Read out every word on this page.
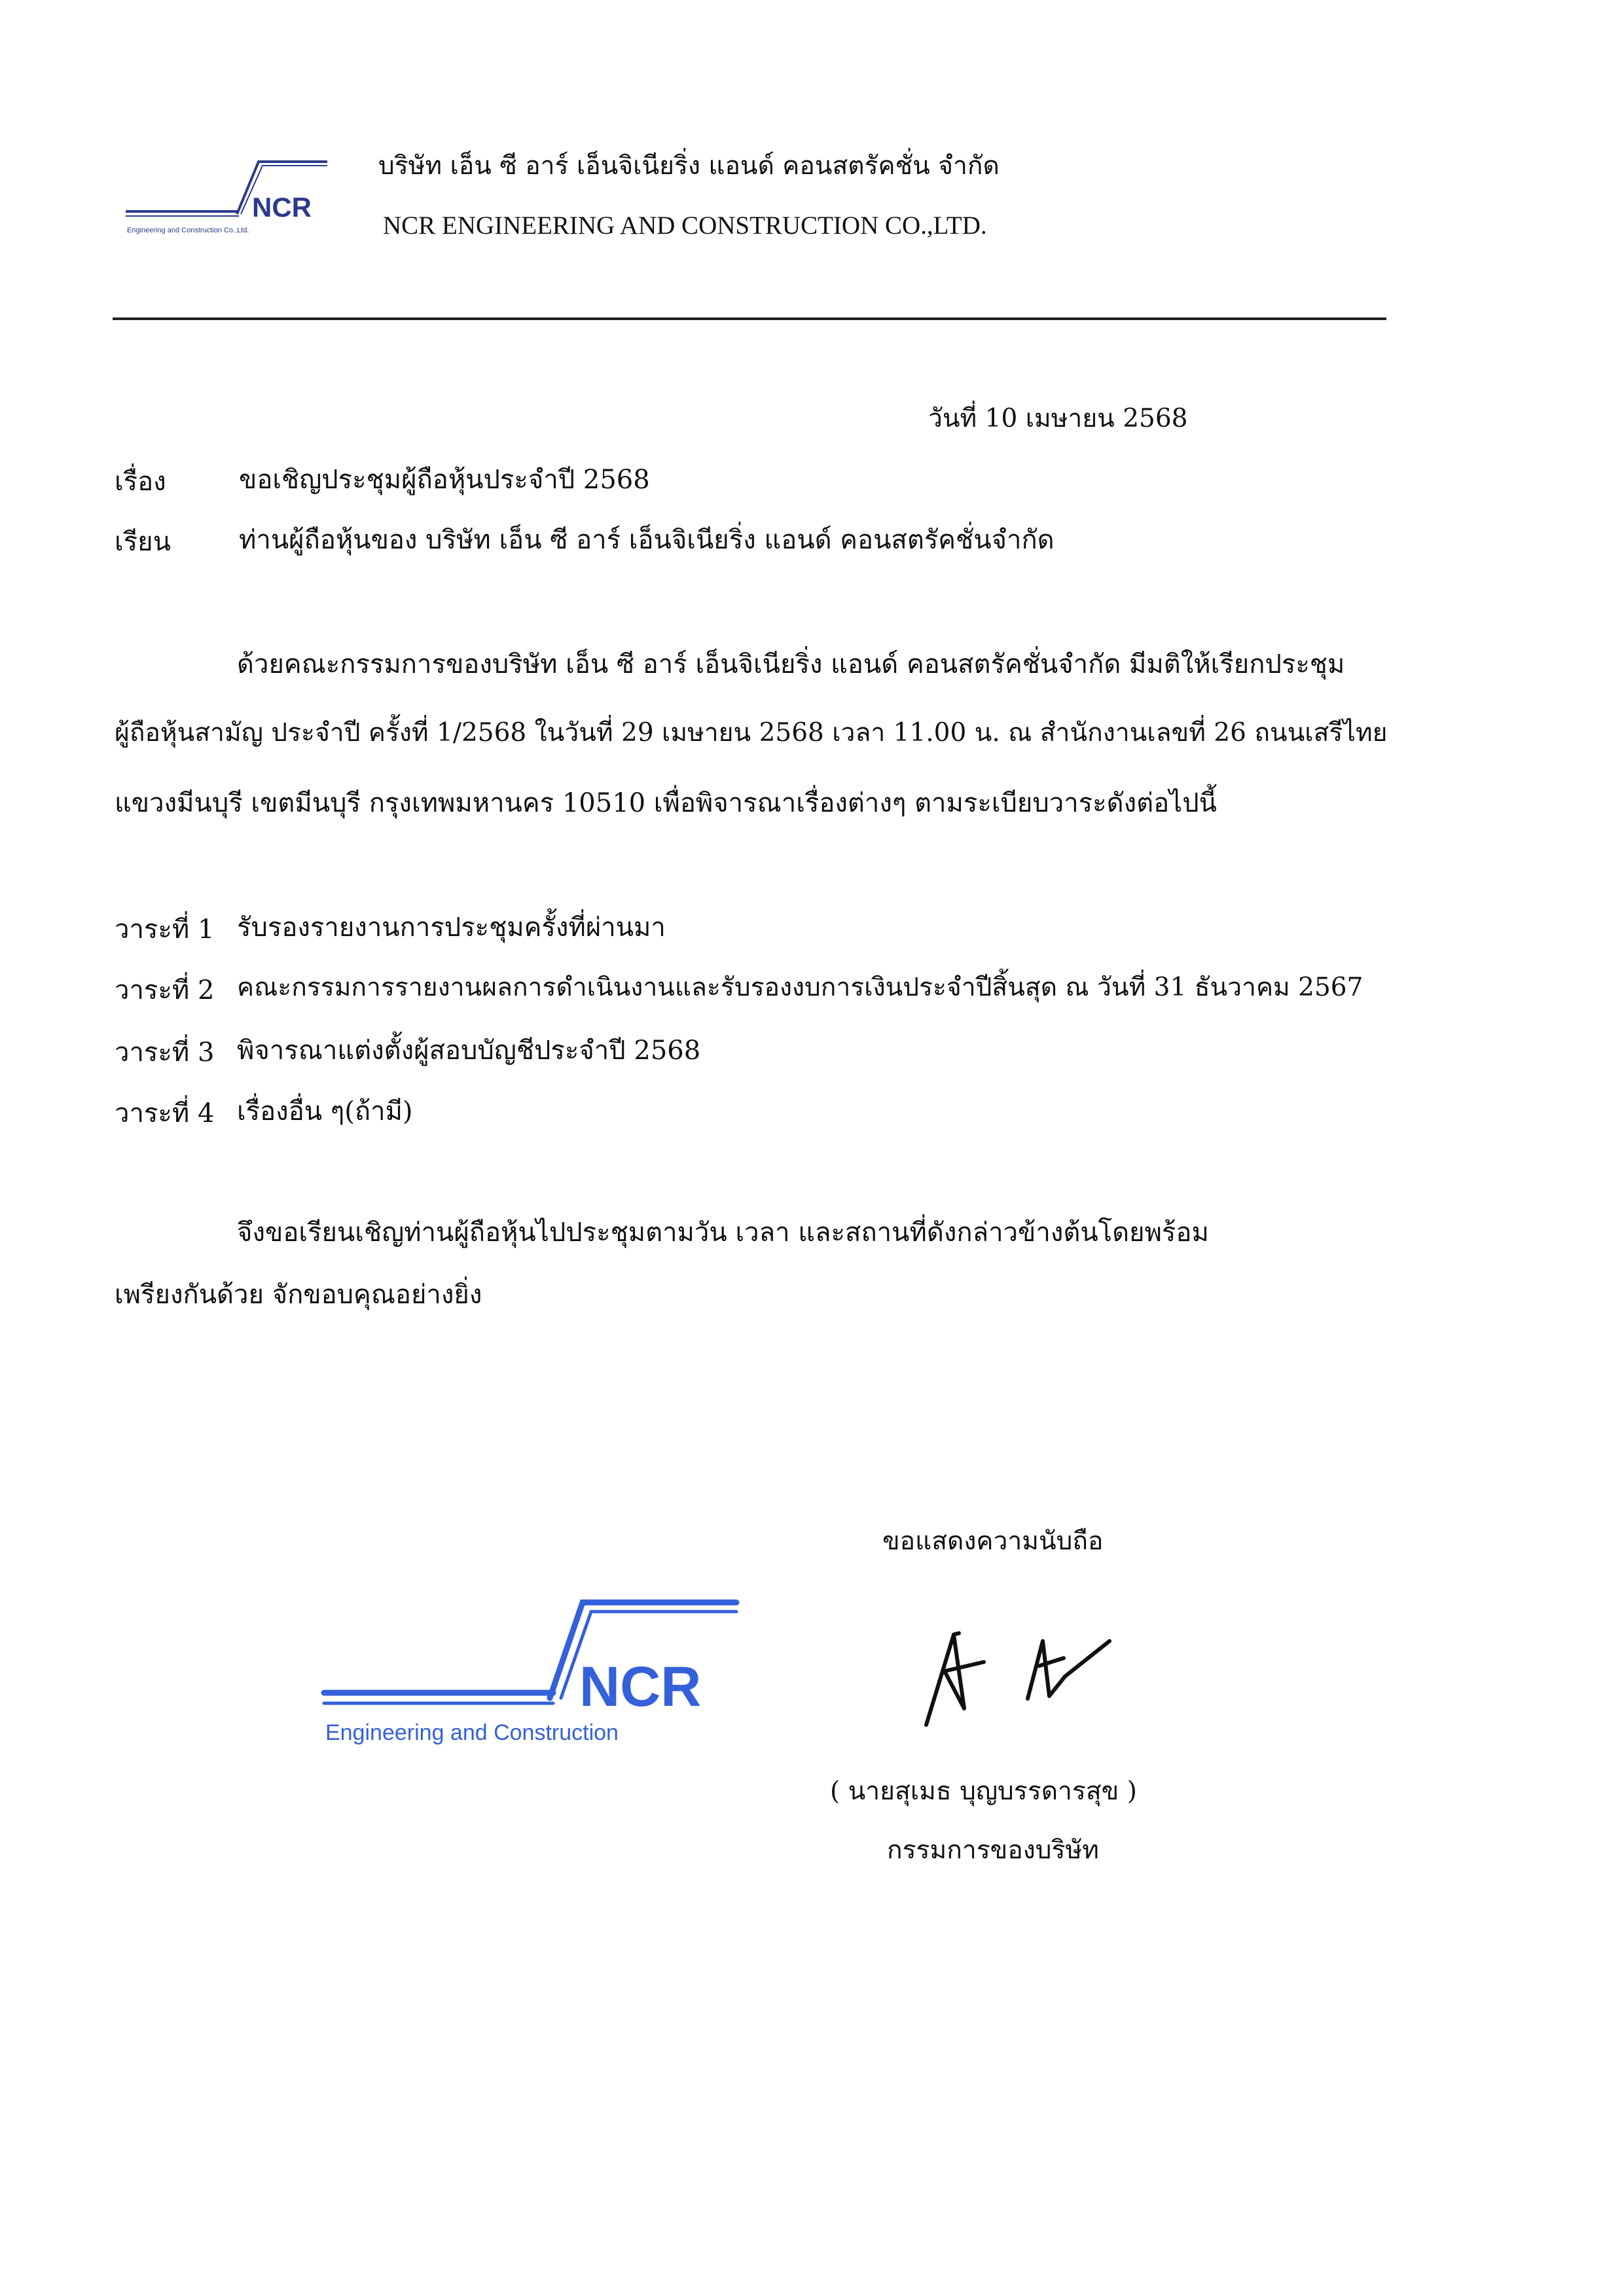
NCR
Engineering and Construction Co.,Ltd.
บริษัท เอ็น ซี อาร์ เอ็นจิเนียริ่ง แอนด์ คอนสตรัคชั่น จำกัด
NCR ENGINEERING AND CONSTRUCTION CO.,LTD.
วันที่ 10 เมษายน 2568
เรื่อง	ขอเชิญประชุมผู้ถือหุ้นประจำปี 2568
เรียน	ท่านผู้ถือหุ้นของ บริษัท เอ็น ซี อาร์ เอ็นจิเนียริ่ง แอนด์ คอนสตรัคชั่นจำกัด
ด้วยคณะกรรมการของบริษัท เอ็น ซี อาร์ เอ็นจิเนียริ่ง แอนด์ คอนสตรัคชั่นจำกัด มีมติให้เรียกประชุม
ผู้ถือหุ้นสามัญ ประจำปี ครั้งที่ 1/2568 ในวันที่ 29 เมษายน 2568 เวลา 11.00 น. ณ สำนักงานเลขที่ 26 ถนนเสรีไทย
แขวงมีนบุรี เขตมีนบุรี กรุงเทพมหานคร 10510 เพื่อพิจารณาเรื่องต่างๆ ตามระเบียบวาระดังต่อไปนี้
วาระที่ 1 รับรองรายงานการประชุมครั้งที่ผ่านมา
วาระที่ 2 คณะกรรมการรายงานผลการดำเนินงานและรับรองงบการเงินประจำปีสิ้นสุด ณ วันที่ 31 ธันวาคม 2567
วาระที่ 3 พิจารณาแต่งตั้งผู้สอบบัญชีประจำปี 2568
วาระที่ 4 เรื่องอื่น ๆ(ถ้ามี)
จึงขอเรียนเชิญท่านผู้ถือหุ้นไปประชุมตามวัน เวลา และสถานที่ดังกล่าวข้างต้นโดยพร้อม
เพรียงกันด้วย จักขอบคุณอย่างยิ่ง
ขอแสดงความนับถือ
NCR
Engineering and Construction
( นายสุเมธ บุญบรรดารสุข )
กรรมการของบริษัท
